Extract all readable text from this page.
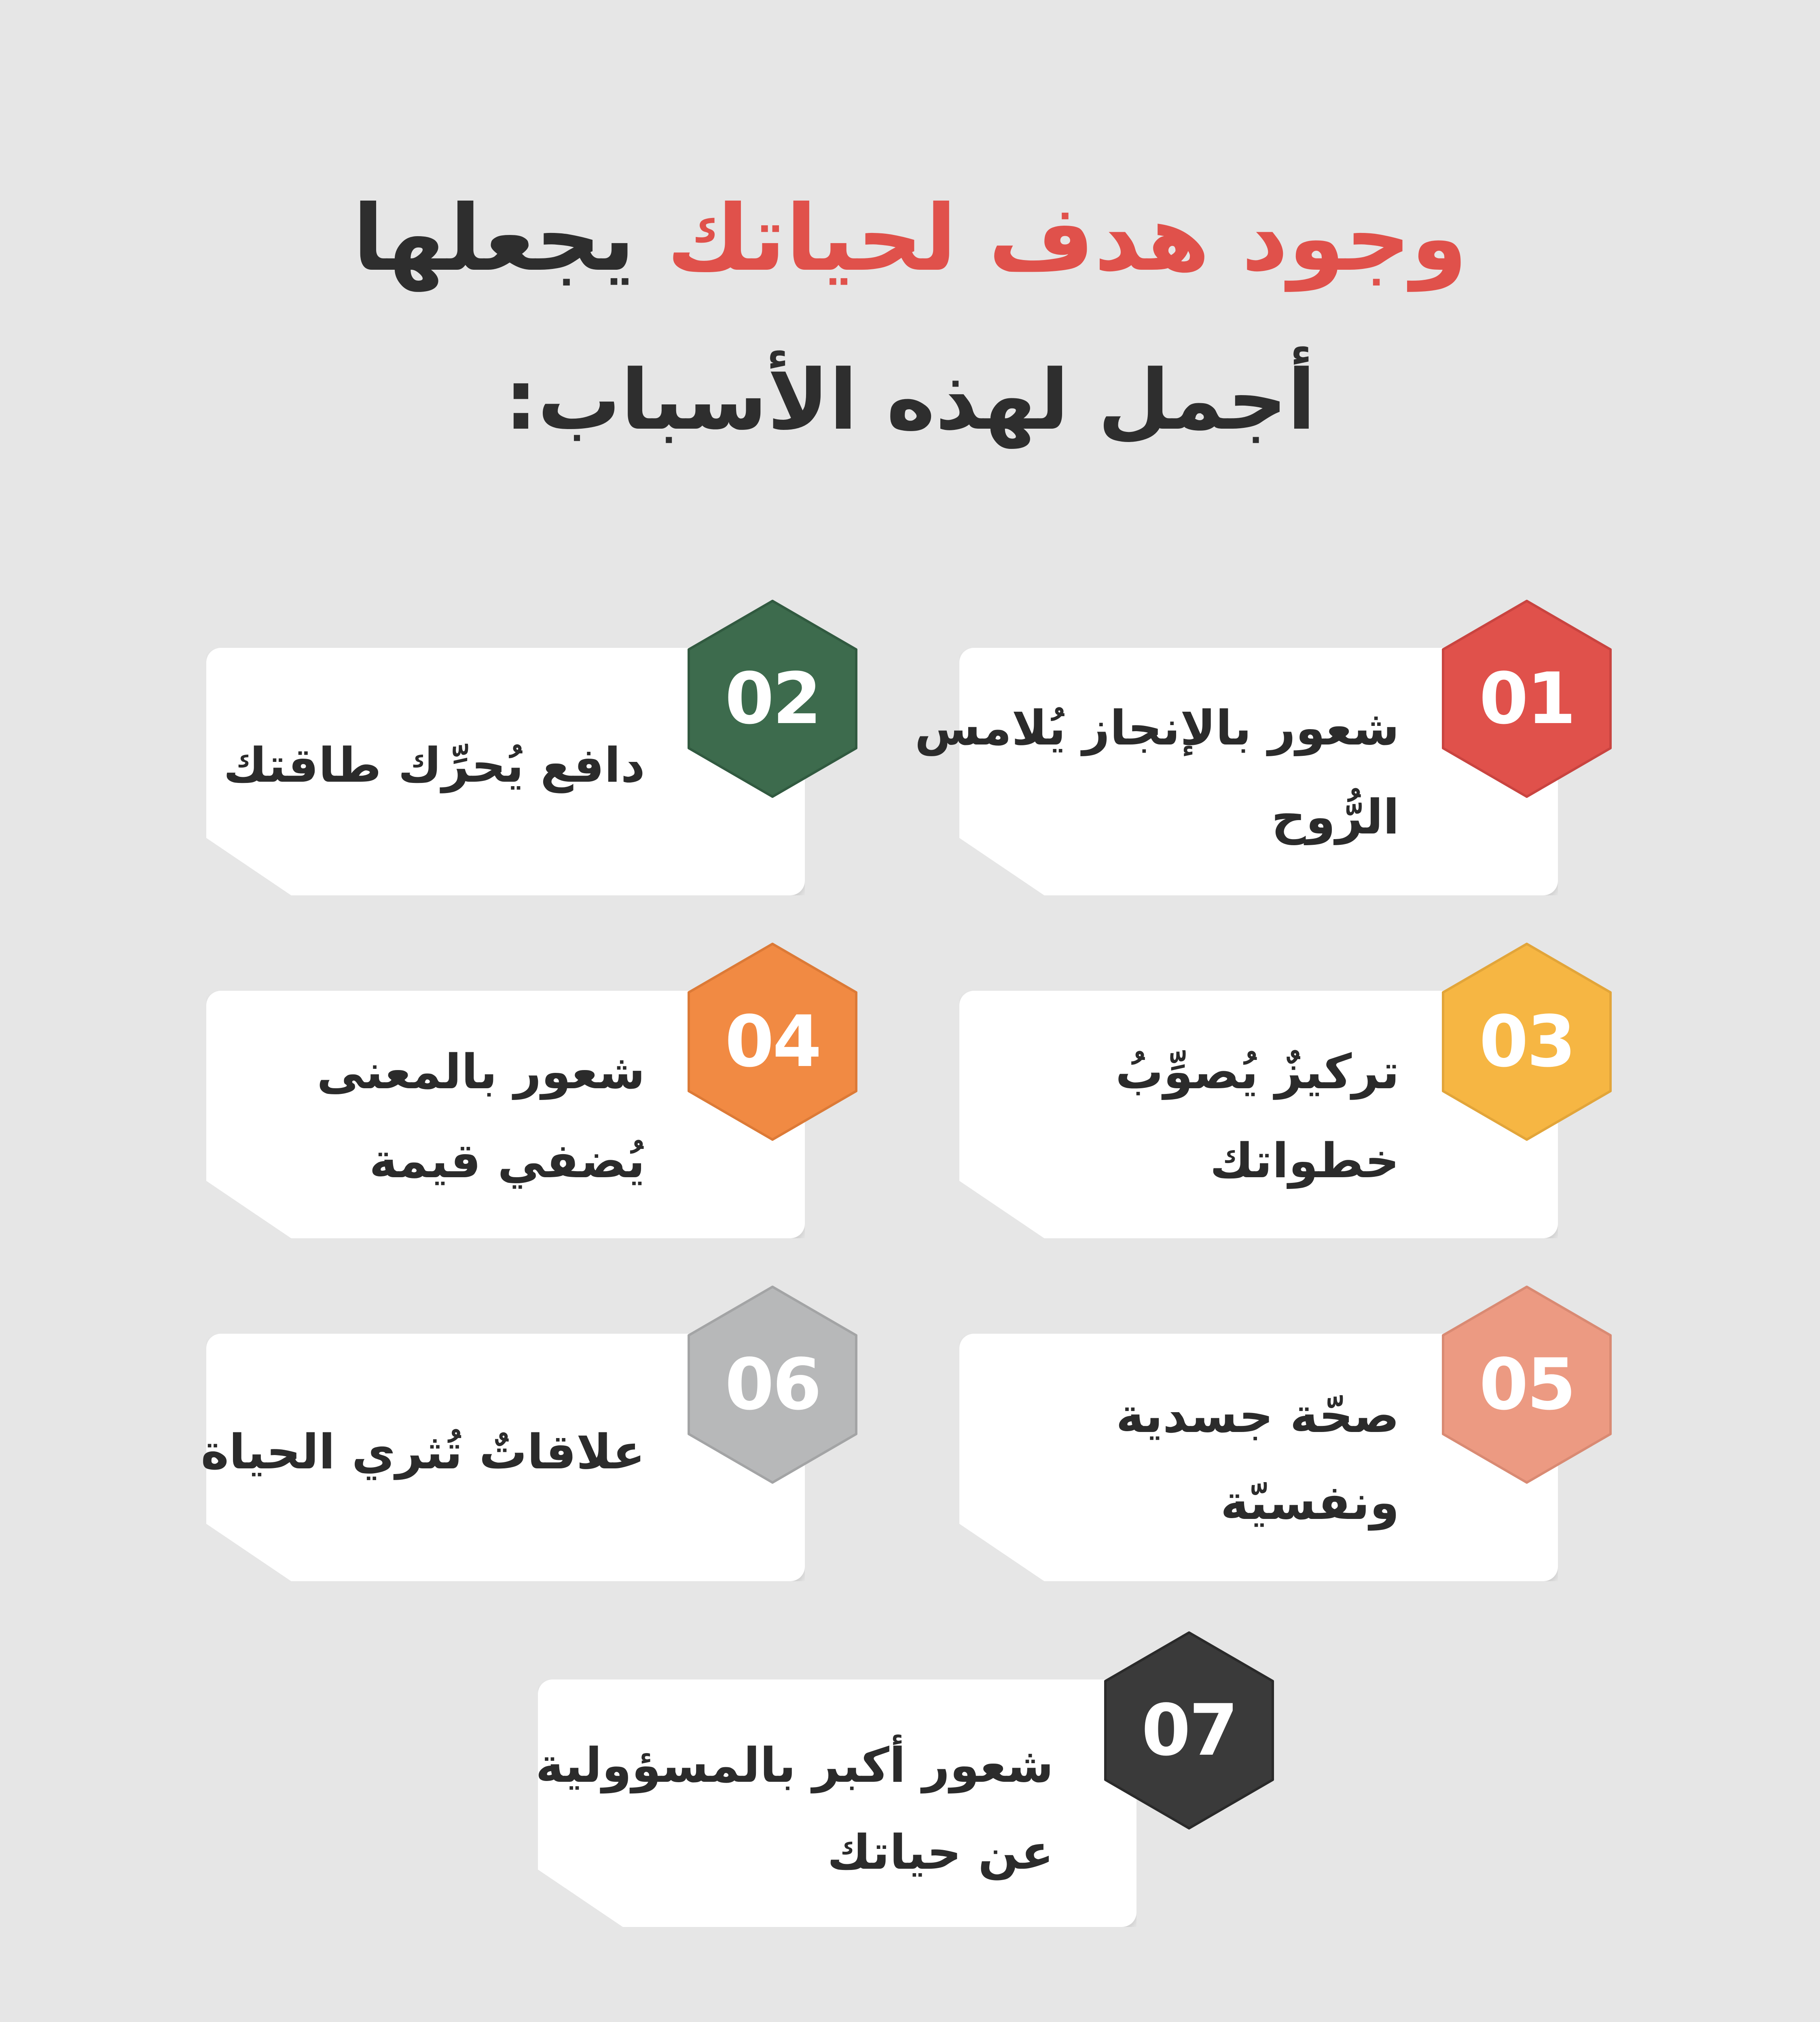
وجود هدف لحياتك يجعلها
أجمل لهذه الأسباب:
شعور بالإنجاز يُلامس
الرُّوح
01
دافع يُحرِّك طاقتك
02
تركيزٌ يُصوِّبُ
خطواتك
03
شعور بالمعنى
يُضفي قيمة
04
صحّة جسدية
ونفسيّة
05
علاقاتٌ تُثري الحياة
06
شعور أكبر بالمسؤولية
عن حياتك
07
